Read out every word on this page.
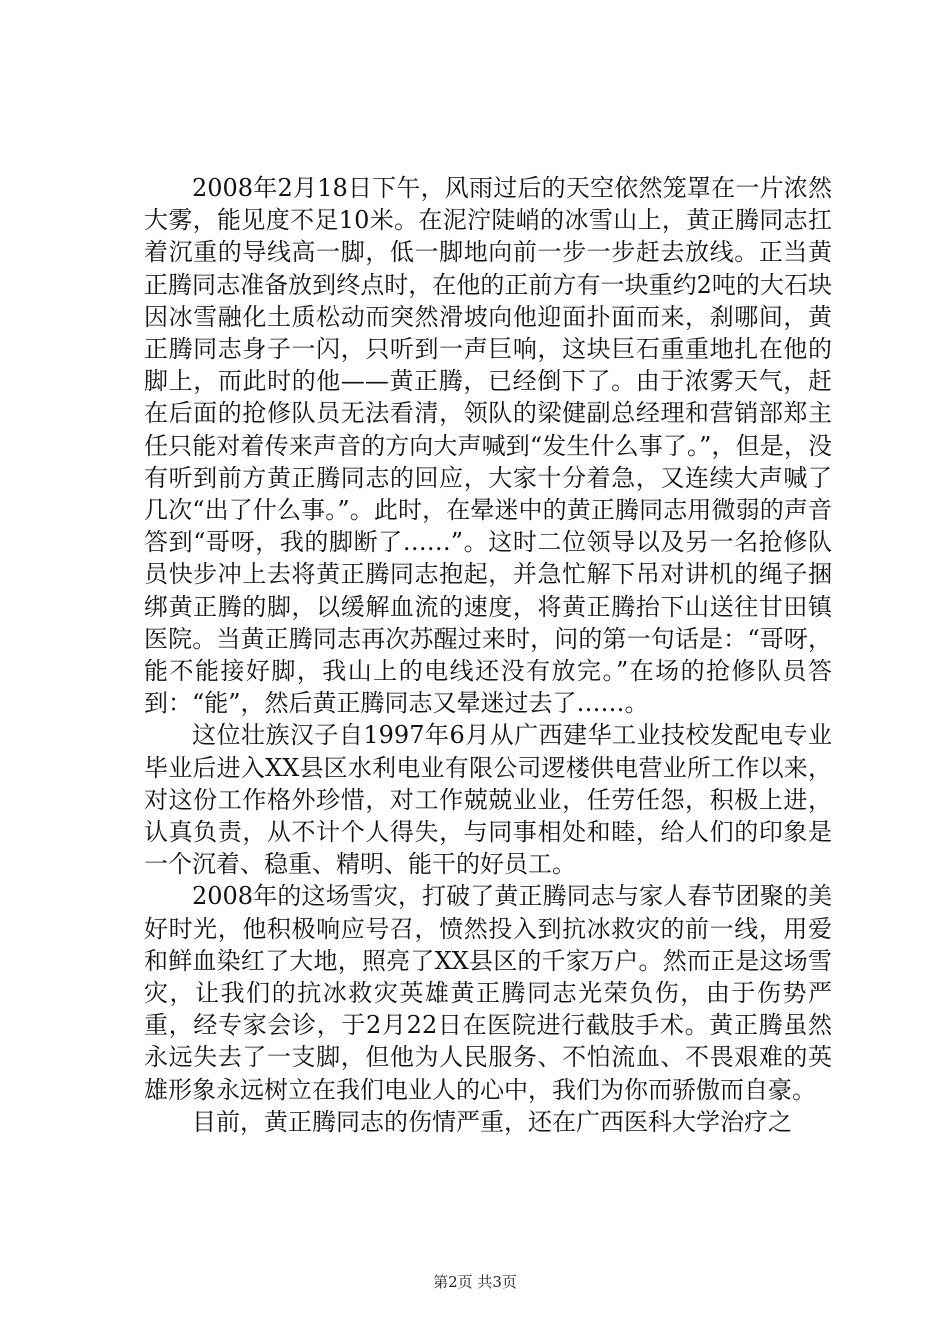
2008年2月18日下午，风雨过后的天空依然笼罩在一片浓然大雾，能见度不足10米。在泥泞陡峭的冰雪山上，黄正腾同志扛着沉重的导线高一脚，低一脚地向前一步一步赶去放线。正当黄正腾同志准备放到终点时，在他的正前方有一块重约2吨的大石块因冰雪融化土质松动而突然滑坡向他迎面扑面而来，刹哪间，黄正腾同志身子一闪，只听到一声巨响，这块巨石重重地扎在他的脚上，而此时的他——黄正腾，已经倒下了。由于浓雾天气，赶在后面的抢修队员无法看清，领队的梁健副总经理和营销部郑主任只能对着传来声音的方向大声喊到“发生什么事了。”，但是，没有听到前方黄正腾同志的回应，大家十分着急，又连续大声喊了几次“出了什么事。”。此时，在晕迷中的黄正腾同志用微弱的声音答到“哥呀，我的脚断了……”。这时二位领导以及另一名抢修队员快步冲上去将黄正腾同志抱起，并急忙解下吊对讲机的绳子捆绑黄正腾的脚，以缓解血流的速度，将黄正腾抬下山送往甘田镇医院。当黄正腾同志再次苏醒过来时，问的第一句话是：“哥呀，能不能接好脚，我山上的电线还没有放完。”在场的抢修队员答到：“能”，然后黄正腾同志又晕迷过去了……。

这位壮族汉子自1997年6月从广西建华工业技校发配电专业毕业后进入XX县区水利电业有限公司逻楼供电营业所工作以来，对这份工作格外珍惜，对工作兢兢业业，任劳任怨，积极上进，认真负责，从不计个人得失，与同事相处和睦，给人们的印象是一个沉着、稳重、精明、能干的好员工。

2008年的这场雪灾，打破了黄正腾同志与家人春节团聚的美好时光，他积极响应号召，愤然投入到抗冰救灾的前一线，用爱和鲜血染红了大地，照亮了XX县区的千家万户。然而正是这场雪灾，让我们的抗冰救灾英雄黄正腾同志光荣负伤，由于伤势严重，经专家会诊，于2月22日在医院进行截肢手术。黄正腾虽然永远失去了一支脚，但他为人民服务、不怕流血、不畏艰难的英雄形象永远树立在我们电业人的心中，我们为你而骄傲而自豪。

目前，黄正腾同志的伤情严重，还在广西医科大学治疗之

第2页 共3页
